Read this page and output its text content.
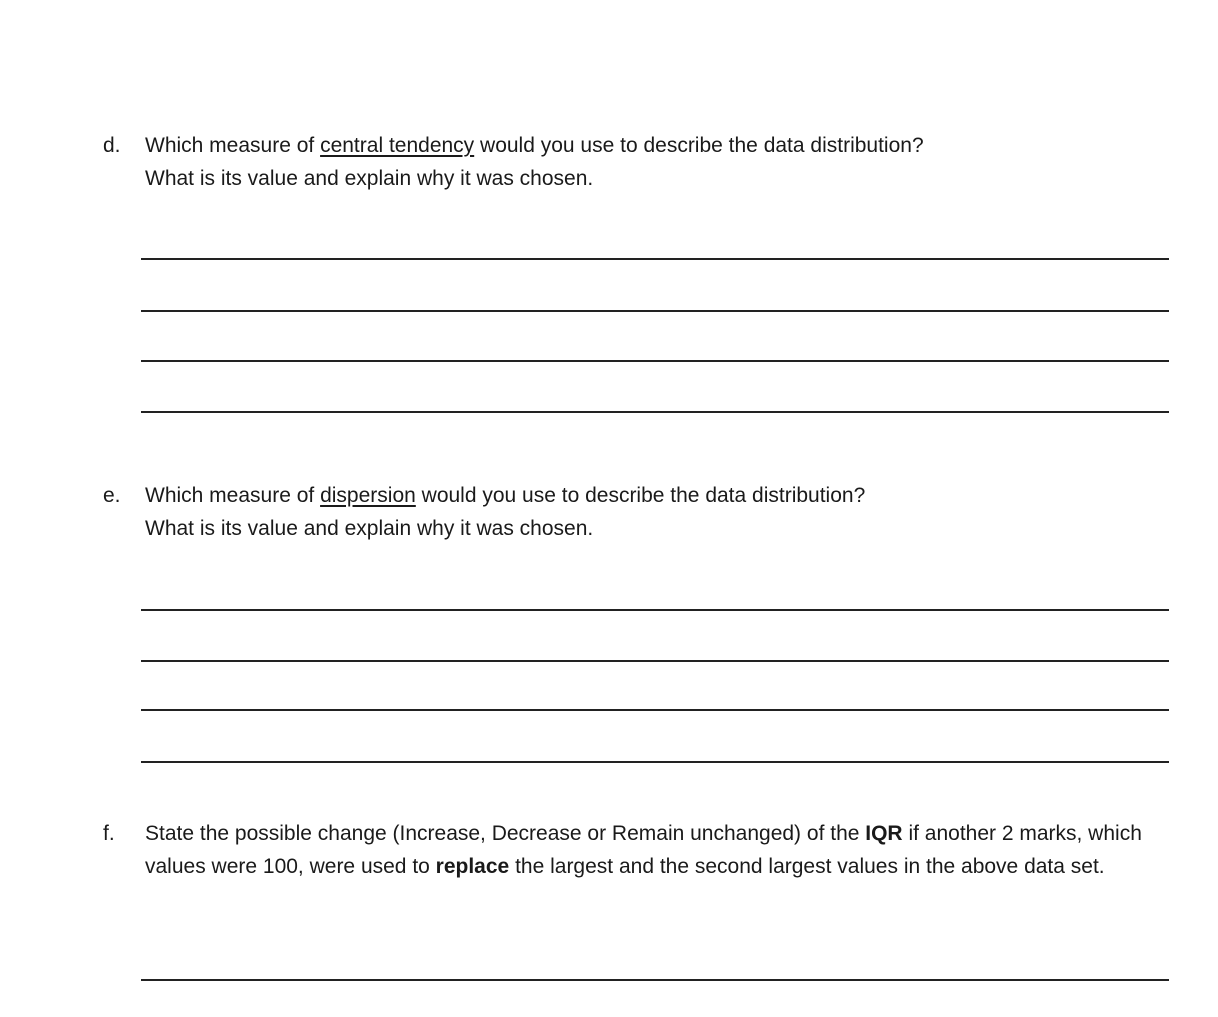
d. Which measure of central tendency would you use to describe the data distribution?
What is its value and explain why it was chosen.
e. Which measure of dispersion would you use to describe the data distribution?
What is its value and explain why it was chosen.
f. State the possible change (Increase, Decrease or Remain unchanged) of the IQR if another 2 marks, which values were 100, were used to replace the largest and the second largest values in the above data set.
